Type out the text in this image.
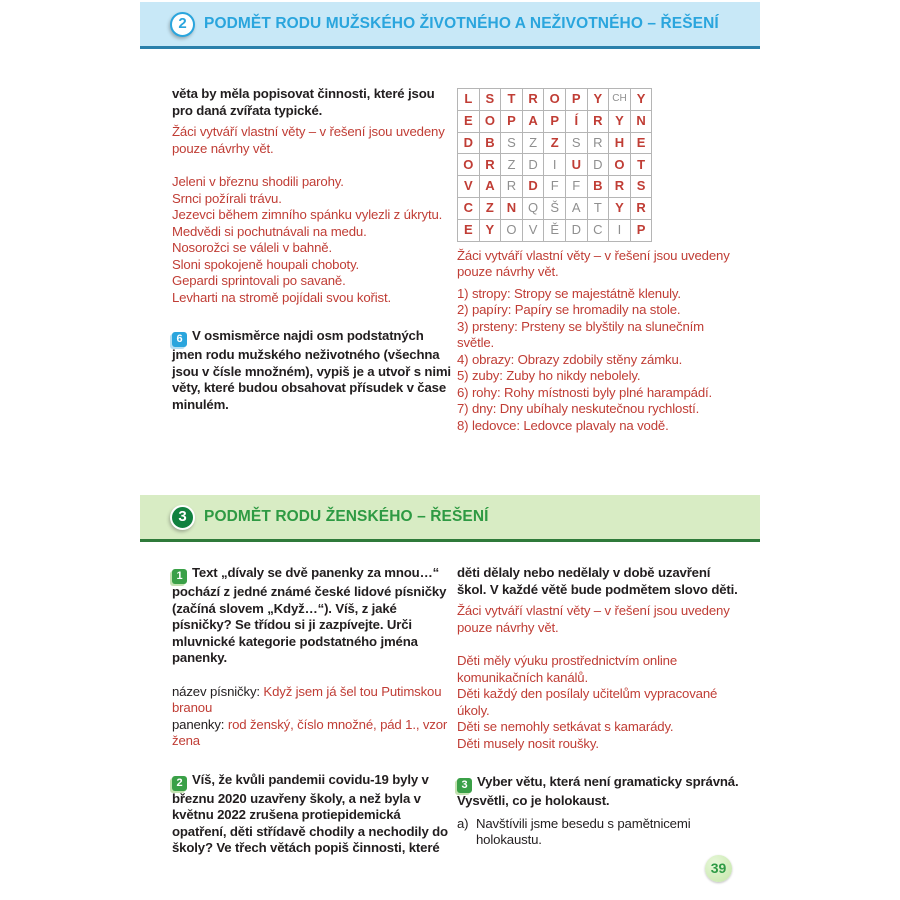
2	PODMĚT RODU MUŽSKÉHO ŽIVOTNÉHO A NEŽIVOTNÉHO – ŘEŠENÍ

věta by měla popisovat činnosti, které jsou pro daná zvířata typické.

Žáci vytváří vlastní věty – v řešení jsou uvedeny pouze návrhy vět.

Jeleni v březnu shodili parohy.
Srnci požírali trávu.
Jezevci během zimního spánku vylezli z úkrytu.
Medvědi si pochutnávali na medu.
Nosorožci se váleli v bahně.
Sloni spokojeně houpali choboty.
Gepardi sprintovali po savaně.
Levharti na stromě pojídali svou kořist.

6 V osmisměrce najdi osm podstatných jmen rodu mužského neživotného (všechna jsou v čísle množném), vypiš je a utvoř s nimi věty, které budou obsahovat přísudek v čase minulém.

L	S	T R O P Y	CH Y
E O P A P	Í	R Y N
D B S	Z	Z	S R H E
O R Z D	I	U D O T
V A R D F	F B R S
C Z N Q Š A	T	Y R
E Y O V Ě D C	I	P

Žáci vytváří vlastní věty – v řešení jsou uvedeny pouze návrhy vět.

1) stropy: Stropy se majestátně klenuly.
2) papíry: Papíry se hromadily na stole.
3) prsteny: Prsteny se blyštily na slunečním světle.
4) obrazy: Obrazy zdobily stěny zámku.
5) zuby: Zuby ho nikdy nebolely.
6) rohy: Rohy místnosti byly plné harampádí.
7) dny: Dny ubíhaly neskutečnou rychlostí.
8) ledovce: Ledovce plavaly na vodě.
3	PODMĚT RODU ŽENSKÉHO – ŘEŠENÍ

1 Text „dívaly se dvě panenky za mnou…“ pochází z jedné známé české lidové písničky (začíná slovem „Když…“). Víš, z jaké písničky? Se třídou si ji zazpívejte. Urči mluvnické kategorie podstatného jména panenky.

název písničky: Když jsem já šel tou Putimskou branou
panenky: rod ženský, číslo množné, pád 1., vzor žena

2 Víš, že kvůli pandemii covidu-19 byly v březnu 2020 uzavřeny školy, a než byla v květnu 2022 zrušena protiepidemická opatření, děti střídavě chodily a nechodily do školy? Ve třech větách popiš činnosti, které

děti dělaly nebo nedělaly v době uzavření škol. V každé větě bude podmětem slovo děti.

Žáci vytváří vlastní věty – v řešení jsou uvedeny pouze návrhy vět.

Děti měly výuku prostřednictvím online komunikačních kanálů.
Děti každý den posílaly učitelům vypracované úkoly.
Děti se nemohly setkávat s kamarády.
Děti musely nosit roušky.

3 Vyber větu, která není gramaticky správná. Vysvětli, co je holokaust.

a) Navštívili jsme besedu s pamětnicemi holokaustu.
39
